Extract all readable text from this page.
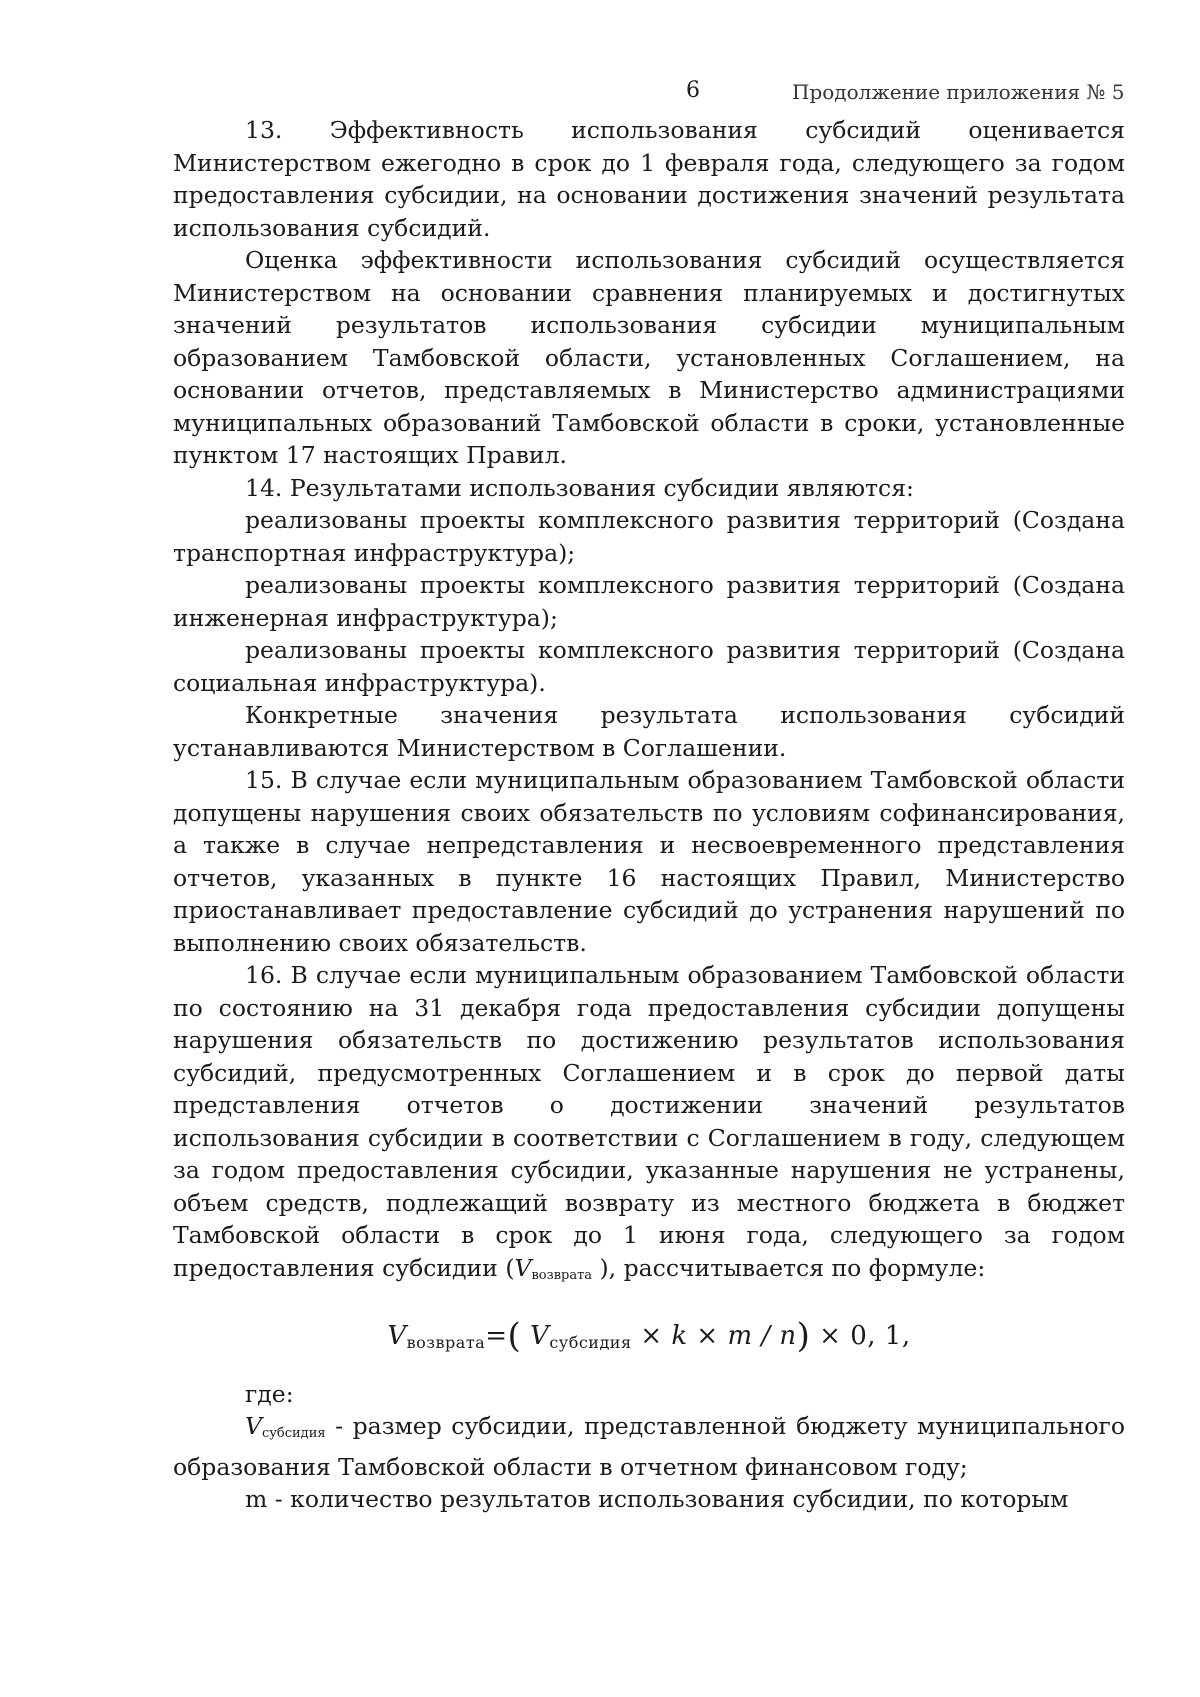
6	Продолжение приложения № 5

13. Эффективность использования субсидий оценивается Министерством ежегодно в срок до 1 февраля года, следующего за годом предоставления субсидии, на основании достижения значений результата использования субсидий.

Оценка эффективности использования субсидий осуществляется Министерством на основании сравнения планируемых и достигнутых значений результатов использования субсидии муниципальным образованием Тамбовской области, установленных Соглашением, на основании отчетов, представляемых в Министерство администрациями муниципальных образований Тамбовской области в сроки, установленные пунктом 17 настоящих Правил.

14. Результатами использования субсидии являются:

реализованы проекты комплексного развития территорий (Создана транспортная инфраструктура);

реализованы проекты комплексного развития территорий (Создана инженерная инфраструктура);

реализованы проекты комплексного развития территорий (Создана социальная инфраструктура).

Конкретные значения результата использования субсидий устанавливаются Министерством в Соглашении.

15. В случае если муниципальным образованием Тамбовской области допущены нарушения своих обязательств по условиям софинансирования, а также в случае непредставления и несвоевременного представления отчетов, указанных в пункте 16 настоящих Правил, Министерство приостанавливает предоставление субсидий до устранения нарушений по выполнению своих обязательств.

16. В случае если муниципальным образованием Тамбовской области по состоянию на 31 декабря года предоставления субсидии допущены нарушения обязательств по достижению результатов использования субсидий, предусмотренных Соглашением и в срок до первой даты представления отчетов о достижении значений результатов использования субсидии в соответствии с Соглашением в году, следующем за годом предоставления субсидии, указанные нарушения не устранены, объем средств, подлежащий возврату из местного бюджета в бюджет Тамбовской области в срок до 1 июня года, следующего за годом предоставления субсидии (Vвозврата ), рассчитывается по формуле:

$V_{возврата}=$( $V_{субсидия} \times k \times m / n) \times 0$, 1,

где:

Vсубсидия - размер субсидии, представленной бюджету муниципального образования Тамбовской области в отчетном финансовом году;

m - количество результатов использования субсидии, по которым
